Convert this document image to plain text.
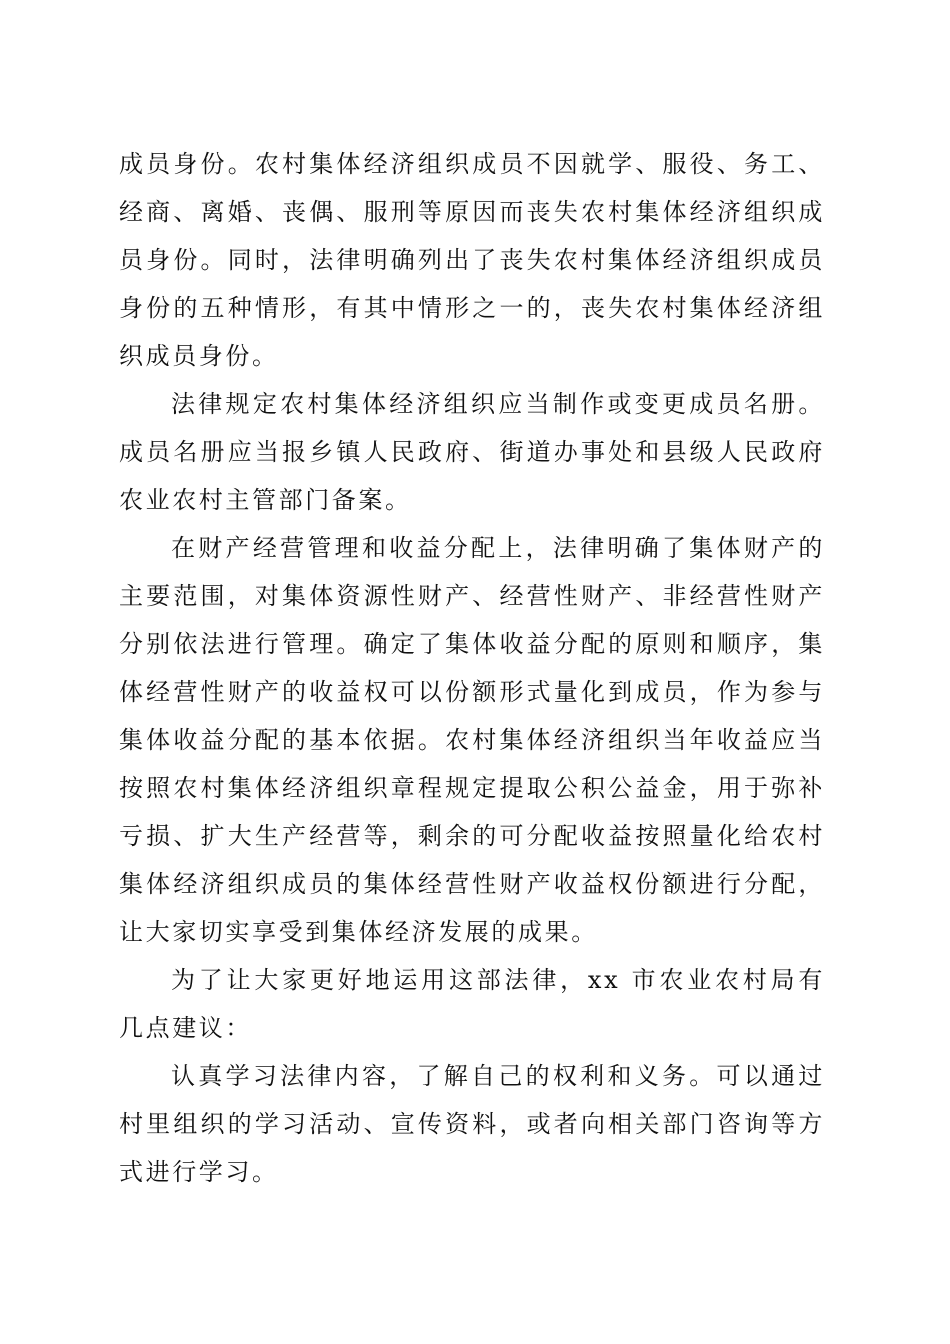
成员身份。农村集体经济组织成员不因就学、服役、务工、经商、离婚、丧偶、服刑等原因而丧失农村集体经济组织成员身份。同时，法律明确列出了丧失农村集体经济组织成员身份的五种情形，有其中情形之一的，丧失农村集体经济组织成员身份。

法律规定农村集体经济组织应当制作或变更成员名册。成员名册应当报乡镇人民政府、街道办事处和县级人民政府农业农村主管部门备案。

在财产经营管理和收益分配上，法律明确了集体财产的主要范围，对集体资源性财产、经营性财产、非经营性财产分别依法进行管理。确定了集体收益分配的原则和顺序，集体经营性财产的收益权可以份额形式量化到成员，作为参与集体收益分配的基本依据。农村集体经济组织当年收益应当按照农村集体经济组织章程规定提取公积公益金，用于弥补亏损、扩大生产经营等，剩余的可分配收益按照量化给农村集体经济组织成员的集体经营性财产收益权份额进行分配，让大家切实享受到集体经济发展的成果。

为了让大家更好地运用这部法律，xx 市农业农村局有几点建议：

认真学习法律内容，了解自己的权利和义务。可以通过村里组织的学习活动、宣传资料，或者向相关部门咨询等方式进行学习。
